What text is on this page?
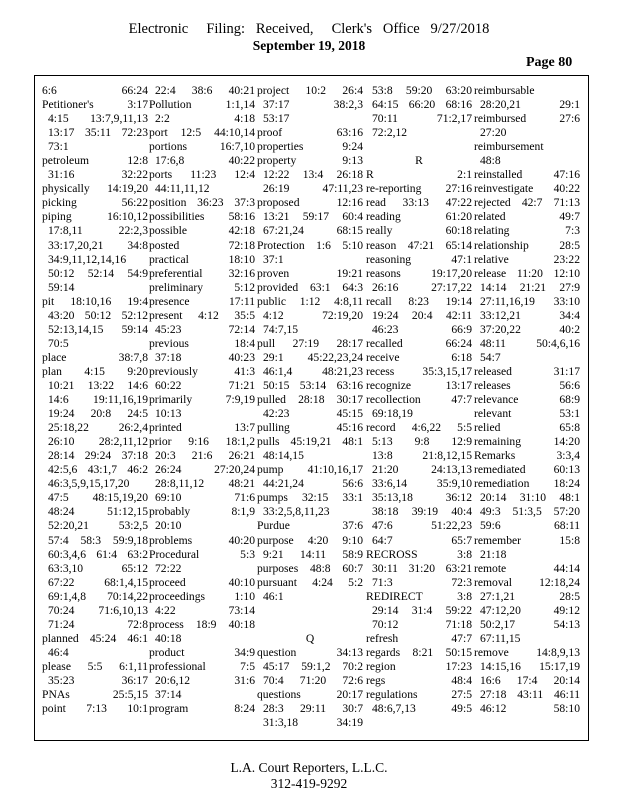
Electronic     Filing:   Received,     Clerk's   Office   9/27/2018
September 19, 2018
Page 80
6:6 66:24
Petitioner's 3:17
4:15 13:7,9,11,13
13:17 35:11 72:23
73:1
petroleum 12:8
31:16 32:22
physically 14:19,20
picking 56:22
piping 16:10,12
17:8,11 22:2,3
33:17,20,21 34:8
34:9,11,12,14,16
50:12 52:14 54:9
59:14
pit 18:10,16 19:4
43:20 50:12 52:12
52:13,14,15 59:14
70:5
place 38:7,8
plan 4:15 9:20
10:21 13:22 14:6
14:6 19:11,16,19
19:24 20:8 24:5
25:18,22 26:2,4
26:10 28:2,11,12
28:14 29:24 37:18
42:5,6 43:1,7 46:2
46:3,5,9,15,17,20
47:5 48:15,19,20
48:24 51:12,15
52:20,21 53:2,5
57:4 58:3 59:9,18
60:3,4,6 61:4 63:2
63:3,10 65:12
67:22 68:1,4,15
69:1,4,8 70:14,22
70:24 71:6,10,13
71:24 72:8
planned 45:24 46:1
46:4
please 5:5 6:1,11
35:23 36:17
PNAs 25:5,15
point 7:13 10:1
22:4 38:6 40:21
Pollution 1:1,14
2:2 4:18
port 12:5 44:10,14
portions 16:7,10
17:6,8 40:22
ports 11:23 12:4
44:11,11,12
position 36:23 37:3
possibilities 58:16
possible 42:18
posted 72:18
practical 18:10
preferential 32:16
preliminary 5:12
presence 17:11
present 4:12 35:5
45:23 72:14
previous 18:4
37:18 40:23
previously 41:3
60:22 71:21
primarily 7:9,19
10:13
printed 13:7
prior 9:16 18:1,2
20:3 21:6 26:21
26:24 27:20,24
28:8,11,12 48:21
69:10 71:6
probably 8:1,9
20:10
problems 40:20
Procedural 5:3
72:22
proceed 40:10
proceedings 1:10
4:22 73:14
process 18:9 40:18
40:18
product 34:9
professional 7:5
20:6,12 31:6
37:14
program 8:24
project 10:2 26:4
37:17 38:2,3
53:17
proof 63:16
properties 9:24
property 9:13
12:22 13:4 26:18
26:19 47:11,23
proposed 12:16
13:21 59:17 60:4
67:21,24 68:15
Protection 1:6 5:10
37:1
proven 19:21
provided 63:1 64:3
public 1:12 4:8,11
4:12 72:19,20
74:7,15
pull 27:19 28:17
29:1 45:22,23,24
46:1,4 48:21,23
50:15 53:14 63:16
pulled 28:18 30:17
42:23 45:15
pulling 45:16
pulls 45:19,21 48:1
48:14,15
pump 41:10,16,17
44:21,24 56:6
pumps 32:15 33:1
33:2,5,8,11,23
Purdue 37:6
purpose 4:20 9:10
9:21 14:11 58:9
purposes 48:8 60:7
pursuant 4:24 5:2
46:1
Q
question 34:13
45:17 59:1,2 70:2
70:4 71:20 72:6
questions 20:17
28:3 29:11 30:7
31:3,18 34:19
53:8 59:20 63:20
64:15 66:20 68:16
70:11 71:2,17
72:2,12
R
R 2:1
re-reporting 27:16
read 33:13 47:22
reading 61:20
really 60:18
reason 47:21 65:14
reasoning 47:1
reasons 19:17,20
26:16 27:17,22
recall 8:23 19:14
19:24 20:4 42:11
46:23 66:9
recalled 66:24
receive 6:18
recess 35:3,15,17
recognize 13:17
recollection 47:7
69:18,19
record 4:6,22 5:5
5:13 9:8 12:9
13:8 21:8,12,15
21:20 24:13,13
33:6,14 35:9,10
35:13,18 36:12
38:18 39:19 40:4
47:6 51:22,23
64:7 65:7
RECROSS 3:8
30:11 31:20 63:21
71:3 72:3
REDIRECT 3:8
29:14 31:4 59:22
70:12 71:18
refresh 47:7
regards 8:21 50:15
region 17:23
regs 48:4
regulations 27:5
48:6,7,13 49:5
reimbursable
28:20,21 29:1
reimbursed 27:6
27:20
reimbursement
48:8
reinstalled 47:16
reinvestigate 40:22
rejected 42:7 71:13
related 49:7
relating 7:3
relationship 28:5
relative 23:22
release 11:20 12:10
14:14 21:21 27:9
27:11,16,19 33:10
33:12,21 34:4
37:20,22 40:2
48:11 50:4,6,16
54:7
released 31:17
releases 56:6
relevance 68:9
relevant 53:1
relied 65:8
remaining 14:20
Remarks 3:3,4
remediated 60:13
remediation 18:24
20:14 31:10 48:1
49:3 51:3,5 57:20
59:6 68:11
remember 15:8
21:18
remote 44:14
removal 12:18,24
27:1,21 28:5
47:12,20 49:12
50:2,17 54:13
67:11,15
remove 14:8,9,13
14:15,16 15:17,19
16:6 17:4 20:14
27:18 43:11 46:11
46:12 58:10
L.A. Court Reporters, L.L.C.
312-419-9292
